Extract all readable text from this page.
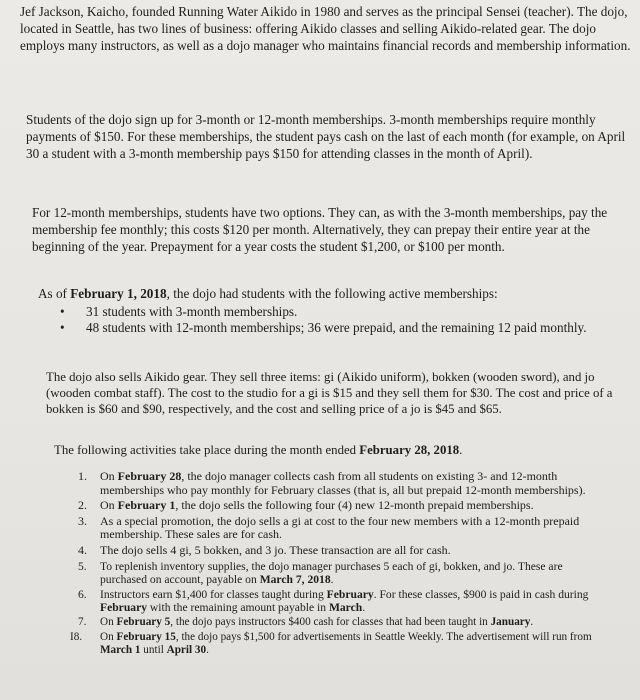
Jef Jackson, Kaicho, founded Running Water Aikido in 1980 and serves as the principal Sensei (teacher). The dojo, located in Seattle, has two lines of business: offering Aikido classes and selling Aikido-related gear. The dojo employs many instructors, as well as a dojo manager who maintains financial records and membership information.

Students of the dojo sign up for 3-month or 12-month memberships. 3-month memberships require monthly payments of $150. For these memberships, the student pays cash on the last of each month (for example, on April 30 a student with a 3-month membership pays $150 for attending classes in the month of April).

For 12-month memberships, students have two options. They can, as with the 3-month memberships, pay the membership fee monthly; this costs $120 per month. Alternatively, they can prepay their entire year at the beginning of the year. Prepayment for a year costs the student $1,200, or $100 per month.

As of February 1, 2018, the dojo had students with the following active memberships:

• 31 students with 3-month memberships.
• 48 students with 12-month memberships; 36 were prepaid, and the remaining 12 paid monthly.

The dojo also sells Aikido gear. They sell three items: gi (Aikido uniform), bokken (wooden sword), and jo (wooden combat staff). The cost to the studio for a gi is $15 and they sell them for $30. The cost and price of a bokken is $60 and $90, respectively, and the cost and selling price of a jo is $45 and $65.

The following activities take place during the month ended February 28, 2018.

1. On February 28, the dojo manager collects cash from all students on existing 3- and 12-month memberships who pay monthly for February classes (that is, all but prepaid 12-month memberships).
2. On February 1, the dojo sells the following four (4) new 12-month prepaid memberships.
3. As a special promotion, the dojo sells a gi at cost to the four new members with a 12-month prepaid membership. These sales are for cash.
4. The dojo sells 4 gi, 5 bokken, and 3 jo. These transaction are all for cash.
5. To replenish inventory supplies, the dojo manager purchases 5 each of gi, bokken, and jo. These are purchased on account, payable on March 7, 2018.
6. Instructors earn $1,400 for classes taught during February. For these classes, $900 is paid in cash during February with the remaining amount payable in March.
7. On February 5, the dojo pays instructors $400 cash for classes that had been taught in January.
I8. On February 15, the dojo pays $1,500 for advertisements in Seattle Weekly. The advertisement will run from March 1 until April 30.
